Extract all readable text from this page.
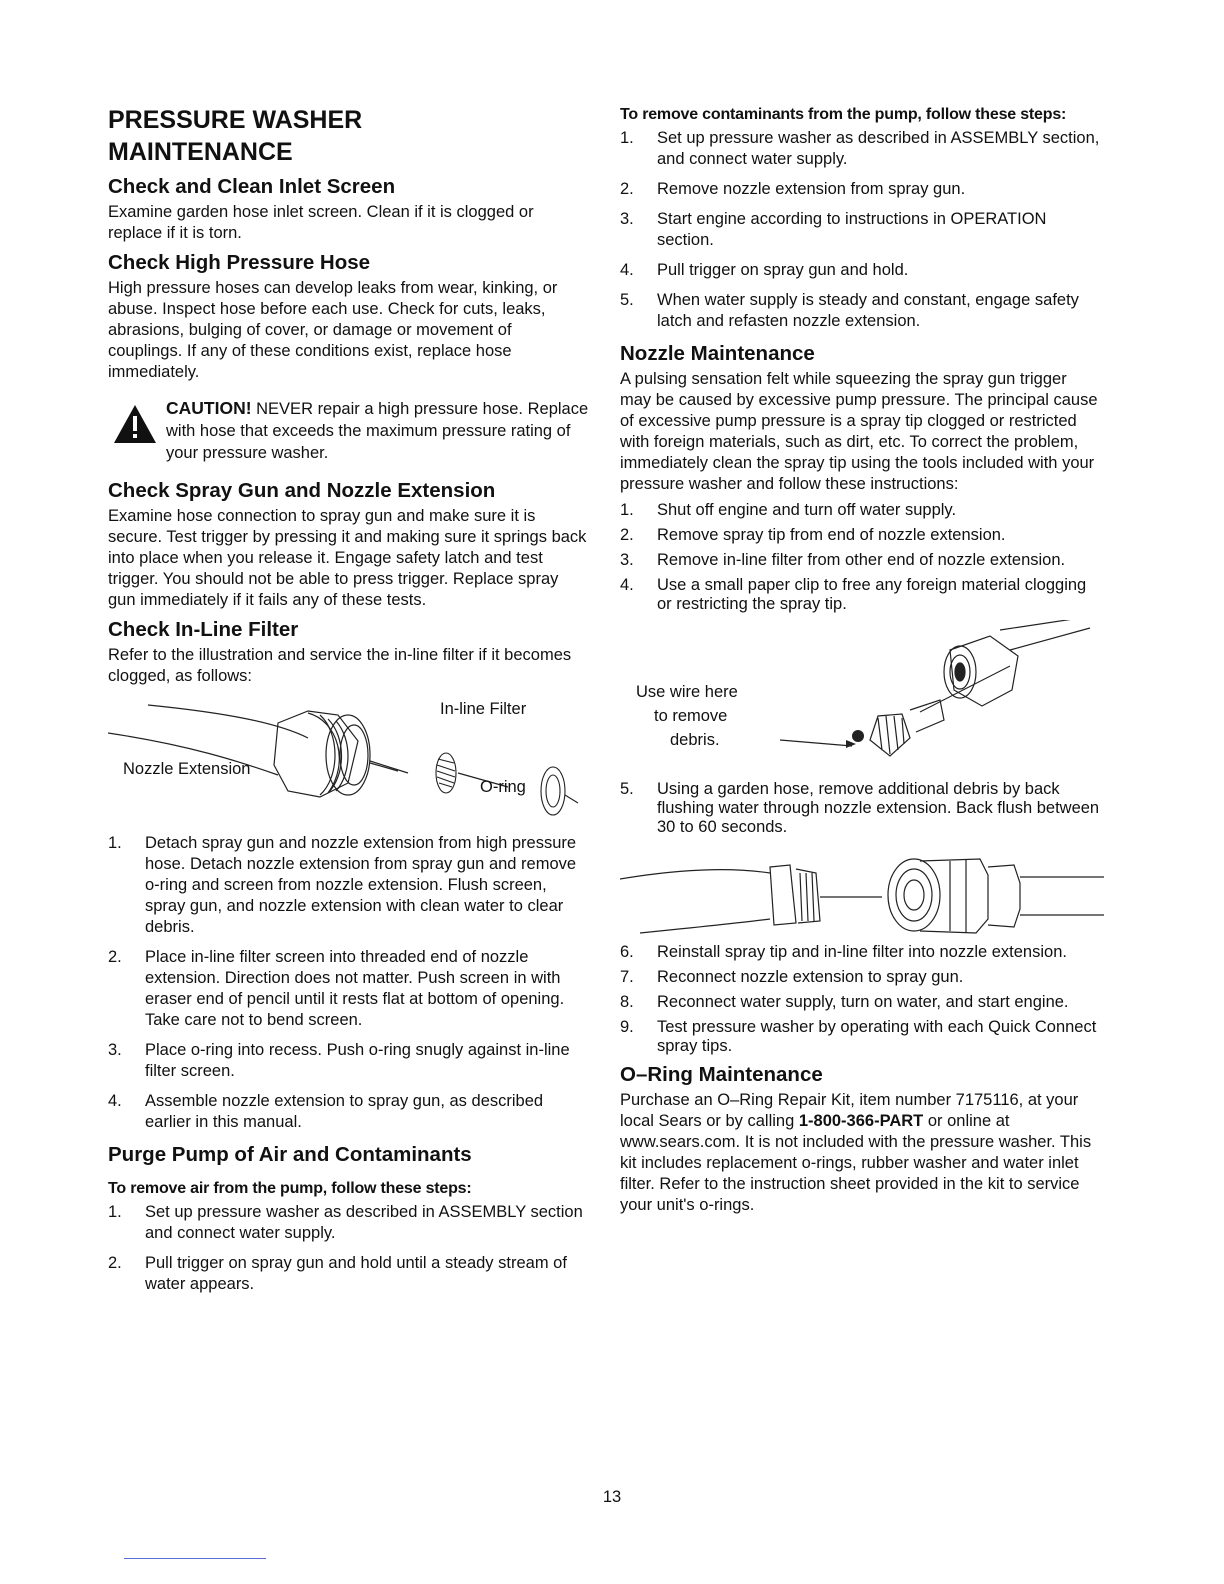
PRESSURE WASHER MAINTENANCE
Check and Clean Inlet Screen

Examine garden hose inlet screen. Clean if it is clogged or replace if it is torn.

Check High Pressure Hose

High pressure hoses can develop leaks from wear, kinking, or abuse. Inspect hose before each use. Check for cuts, leaks, abrasions, bulging of cover, or damage or movement of couplings. If any of these conditions exist, replace hose immediately.

CAUTION! NEVER repair a high pressure hose. Replace with hose that exceeds the maximum pressure rating of your pressure washer.
Check Spray Gun and Nozzle Extension

Examine hose connection to spray gun and make sure it is secure. Test trigger by pressing it and making sure it springs back into place when you release it. Engage safety latch and test trigger. You should not be able to press trigger. Replace spray gun immediately if it fails any of these tests.

Check In-Line Filter

Refer to the illustration and service the in-line filter if it becomes clogged, as follows:

In-line Filter
Nozzle Extension
O-ring
1. Detach spray gun and nozzle extension from high pressure hose. Detach nozzle extension from spray gun and remove o-ring and screen from nozzle extension. Flush screen, spray gun, and nozzle extension with clean water to clear debris.
2. Place in-line filter screen into threaded end of nozzle extension. Direction does not matter. Push screen in with eraser end of pencil until it rests flat at bottom of opening. Take care not to bend screen.
3. Place o-ring into recess. Push o-ring snugly against in-line filter screen.
4. Assemble nozzle extension to spray gun, as described earlier in this manual.
Purge Pump of Air and Contaminants
To remove air from the pump, follow these steps:
1. Set up pressure washer as described in ASSEMBLY section and connect water supply.
2. Pull trigger on spray gun and hold until a steady stream of water appears.
To remove contaminants from the pump, follow these steps:
1. Set up pressure washer as described in ASSEMBLY section, and connect water supply.
2. Remove nozzle extension from spray gun.
3. Start engine according to instructions in OPERATION section.
4. Pull trigger on spray gun and hold.
5. When water supply is steady and constant, engage safety latch and refasten nozzle extension.
Nozzle Maintenance

A pulsing sensation felt while squeezing the spray gun trigger may be caused by excessive pump pressure. The principal cause of excessive pump pressure is a spray tip clogged or restricted with foreign materials, such as dirt, etc. To correct the problem, immediately clean the spray tip using the tools included with your pressure washer and follow these instructions:

1. Shut off engine and turn off water supply.
2. Remove spray tip from end of nozzle extension.
3. Remove in-line filter from other end of nozzle extension.
4. Use a small paper clip to free any foreign material clogging or restricting the spray tip.
Use wire here
to remove
debris.
5. Using a garden hose, remove additional debris by back flushing water through nozzle extension. Back flush between 30 to 60 seconds.
6. Reinstall spray tip and in-line filter into nozzle extension.
7. Reconnect nozzle extension to spray gun.
8. Reconnect water supply, turn on water, and start engine.
9. Test pressure washer by operating with each Quick Connect spray tips.
O–Ring Maintenance

Purchase an O–Ring Repair Kit, item number 7175116, at your local Sears or by calling 1-800-366-PART or online at www.sears.com. It is not included with the pressure washer. This kit includes replacement o-rings, rubber washer and water inlet filter. Refer to the instruction sheet provided in the kit to service your unit's o-rings.

13
